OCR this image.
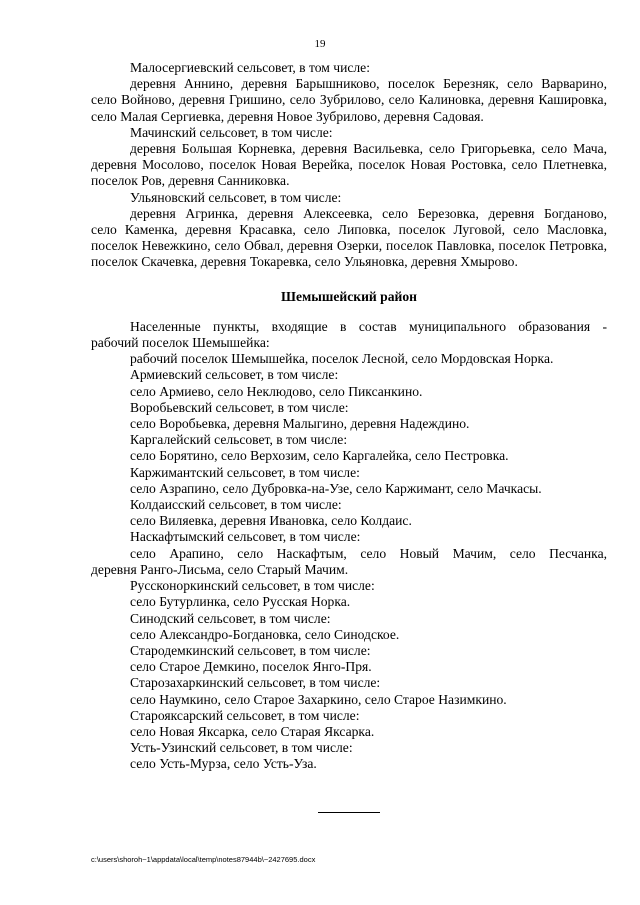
19
Малосергиевский сельсовет, в том числе:
деревня Аннино, деревня Барышниково, поселок Березняк, село Варварино,
село Войново, деревня Гришино, село Зубрилово, село Калиновка, деревня Кашировка,
село Малая Сергиевка, деревня Новое Зубрилово, деревня Садовая.
Мачинский сельсовет, в том числе:
деревня Большая Корневка, деревня Васильевка, село Григорьевка, село Мача,
деревня Мосолово, поселок Новая Верейка, поселок Новая Ростовка, село Плетневка,
поселок Ров, деревня Санниковка.
Ульяновский сельсовет, в том числе:
деревня Агринка, деревня Алексеевка, село Березовка, деревня Богданово,
село Каменка, деревня Красавка, село Липовка, поселок Луговой, село Масловка,
поселок Невежкино, село Обвал, деревня Озерки, поселок Павловка, поселок Петровка,
поселок Скачевка, деревня Токаревка, село Ульяновка, деревня Хмырово.
Шемышейский район
Населенные пункты, входящие в состав муниципального образования -
рабочий поселок Шемышейка:
рабочий поселок Шемышейка, поселок Лесной, село Мордовская Норка.
Армиевский сельсовет, в том числе:
село Армиево, село Неклюдово, село Пиксанкино.
Воробьевский сельсовет, в том числе:
село Воробьевка, деревня Малыгино, деревня Надеждино.
Каргалейский сельсовет, в том числе:
село Борятино, село Верхозим, село Каргалейка, село Пестровка.
Каржимантский сельсовет, в том числе:
село Азрапино, село Дубровка-на-Узе, село Каржимант, село Мачкасы.
Колдаисский сельсовет, в том числе:
село Виляевка, деревня Ивановка, село Колдаис.
Наскафтымский сельсовет, в том числе:
село Арапино, село Наскафтым, село Новый Мачим, село Песчанка,
деревня Ранго-Лисьма, село Старый Мачим.
Руссконоркинский сельсовет, в том числе:
село Бутурлинка, село Русская Норка.
Синодский сельсовет, в том числе:
село Александро-Богдановка, село Синодское.
Стародемкинский сельсовет, в том числе:
село Старое Демкино, поселок Янго-Пря.
Старозахаркинский сельсовет, в том числе:
село Наумкино, село Старое Захаркино, село Старое Назимкино.
Старояксарский сельсовет, в том числе:
село Новая Яксарка, село Старая Яксарка.
Усть-Узинский сельсовет, в том числе:
село Усть-Мурза, село Усть-Уза.
c:\users\shoroh~1\appdata\local\temp\notes87944b\~2427695.docx
